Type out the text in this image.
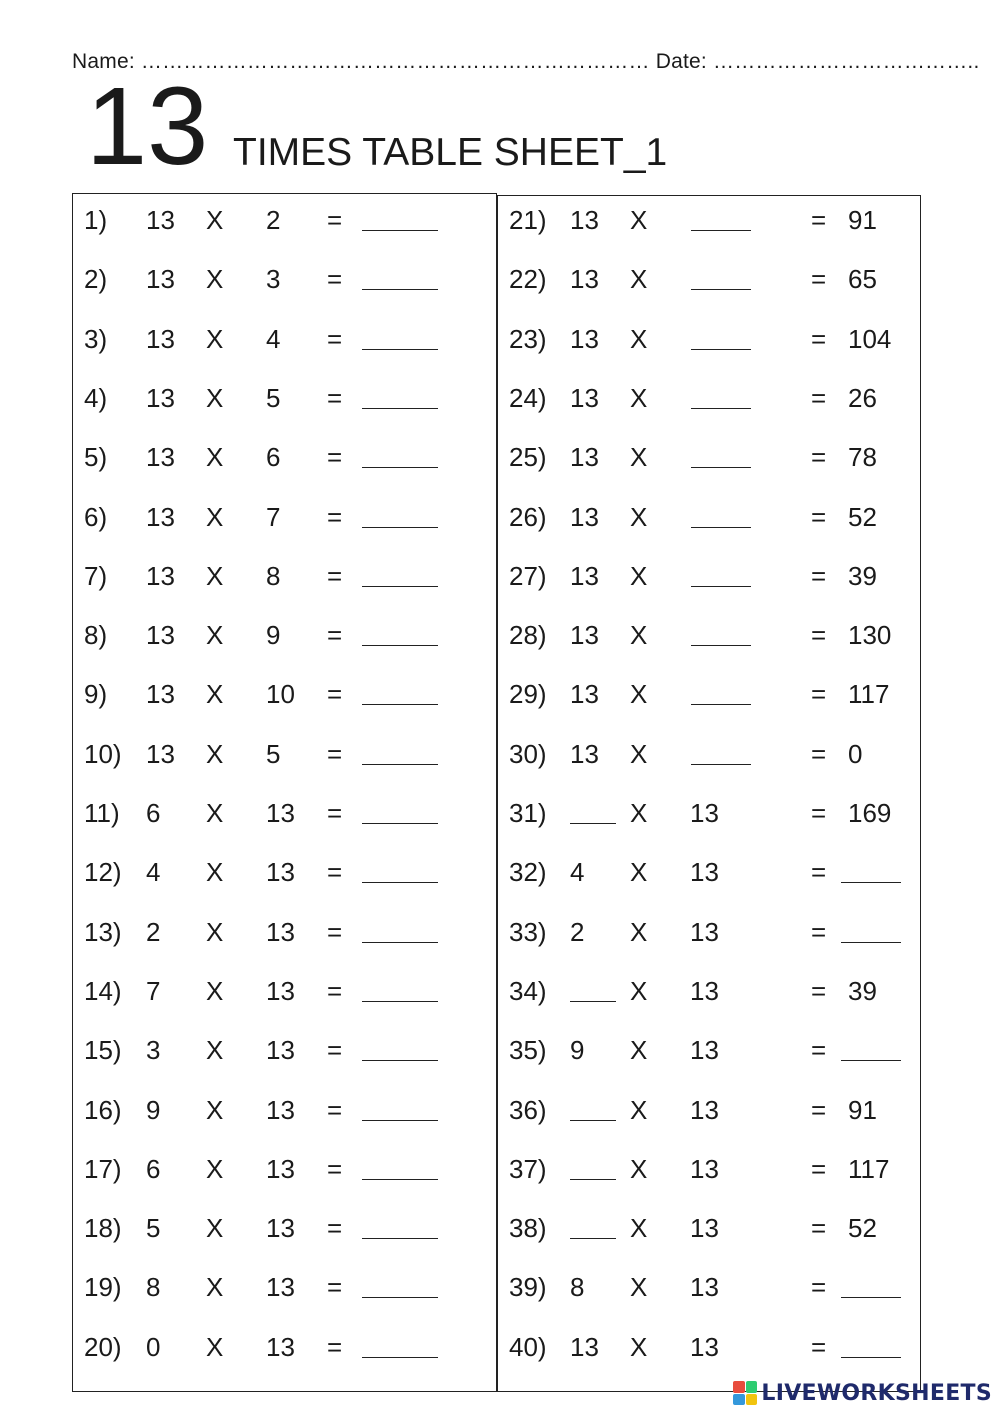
Name: ……………………………………………………………… Date: ………………………………..
13 TIMES TABLE SHEET_1
1) 13 X 2 =
2) 13 X 3 =
3) 13 X 4 =
4) 13 X 5 =
5) 13 X 6 =
6) 13 X 7 =
7) 13 X 8 =
8) 13 X 9 =
9) 13 X 10 =
10) 13 X 5 =
11) 6 X 13 =
12) 4 X 13 =
13) 2 X 13 =
14) 7 X 13 =
15) 3 X 13 =
16) 9 X 13 =
17) 6 X 13 =
18) 5 X 13 =
19) 8 X 13 =
20) 0 X 13 =
21) 13 X	= 91
22) 13 X	= 65
23) 13 X	= 104
24) 13 X	= 26
25) 13 X	= 78
26) 13 X	= 52
27) 13 X	= 39
28) 13 X	= 130
29) 13 X	= 117
30) 13 X	= 0
31)	X 13	= 169
32) 4 X 13	=
33) 2 X 13	=
34)	X 13	= 39
35) 9 X 13	=
36)	X 13	= 91
37)	X 13	= 117
38)	X 13	= 52
39) 8 X 13	=
40) 13 X 13	=
LIVEWORKSHEETS
